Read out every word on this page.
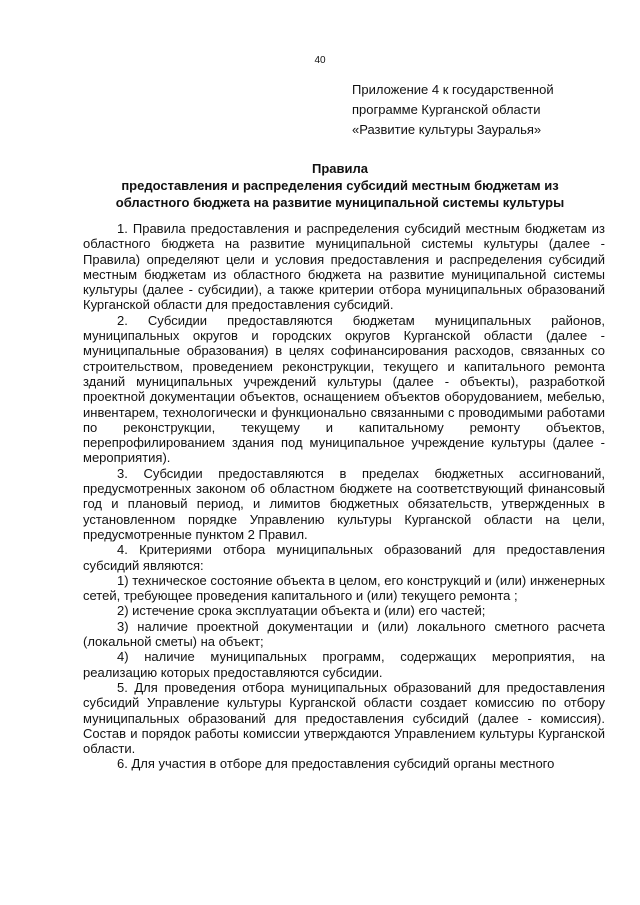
40
Приложение 4 к государственной
программе Курганской области
«Развитие культуры Зауралья»
Правила
предоставления и распределения субсидий местным бюджетам из
областного бюджета на развитие муниципальной системы культуры

1. Правила предоставления и распределения субсидий местным бюджетам из областного бюджета на развитие муниципальной системы культуры (далее - Правила) определяют цели и условия предоставления и распределения субсидий местным бюджетам из областного бюджета на развитие муниципальной системы культуры (далее - субсидии), а также критерии отбора муниципальных образований Курганской области для предоставления субсидий.

2. Субсидии предоставляются бюджетам муниципальных районов, муниципальных округов и городских округов Курганской области (далее - муниципальные образования) в целях софинансирования расходов, связанных со строительством, проведением реконструкции, текущего и капитального ремонта зданий муниципальных учреждений культуры (далее - объекты), разработкой проектной документации объектов, оснащением объектов оборудованием, мебелью, инвентарем, технологически и функционально связанными с проводимыми работами по реконструкции, текущему и капитальному ремонту объектов, перепрофилированием здания под муниципальное учреждение культуры (далее - мероприятия).

3. Субсидии предоставляются в пределах бюджетных ассигнований, предусмотренных законом об областном бюджете на соответствующий финансовый год и плановый период, и лимитов бюджетных обязательств, утвержденных в установленном порядке Управлению культуры Курганской области на цели, предусмотренные пунктом 2 Правил.

4. Критериями отбора муниципальных образований для предоставления субсидий являются:

1) техническое состояние объекта в целом, его конструкций и (или) инженерных сетей, требующее проведения капитального и (или) текущего ремонта ;

2) истечение срока эксплуатации объекта и (или) его частей;

3) наличие проектной документации и (или) локального сметного расчета (локальной сметы) на объект;

4) наличие муниципальных программ, содержащих мероприятия, на реализацию которых предоставляются субсидии.

5. Для проведения отбора муниципальных образований для предоставления субсидий Управление культуры Курганской области создает комиссию по отбору муниципальных образований для предоставления субсидий (далее - комиссия). Состав и порядок работы комиссии утверждаются Управлением культуры Курганской области.

6. Для участия в отборе для предоставления субсидий органы местного
